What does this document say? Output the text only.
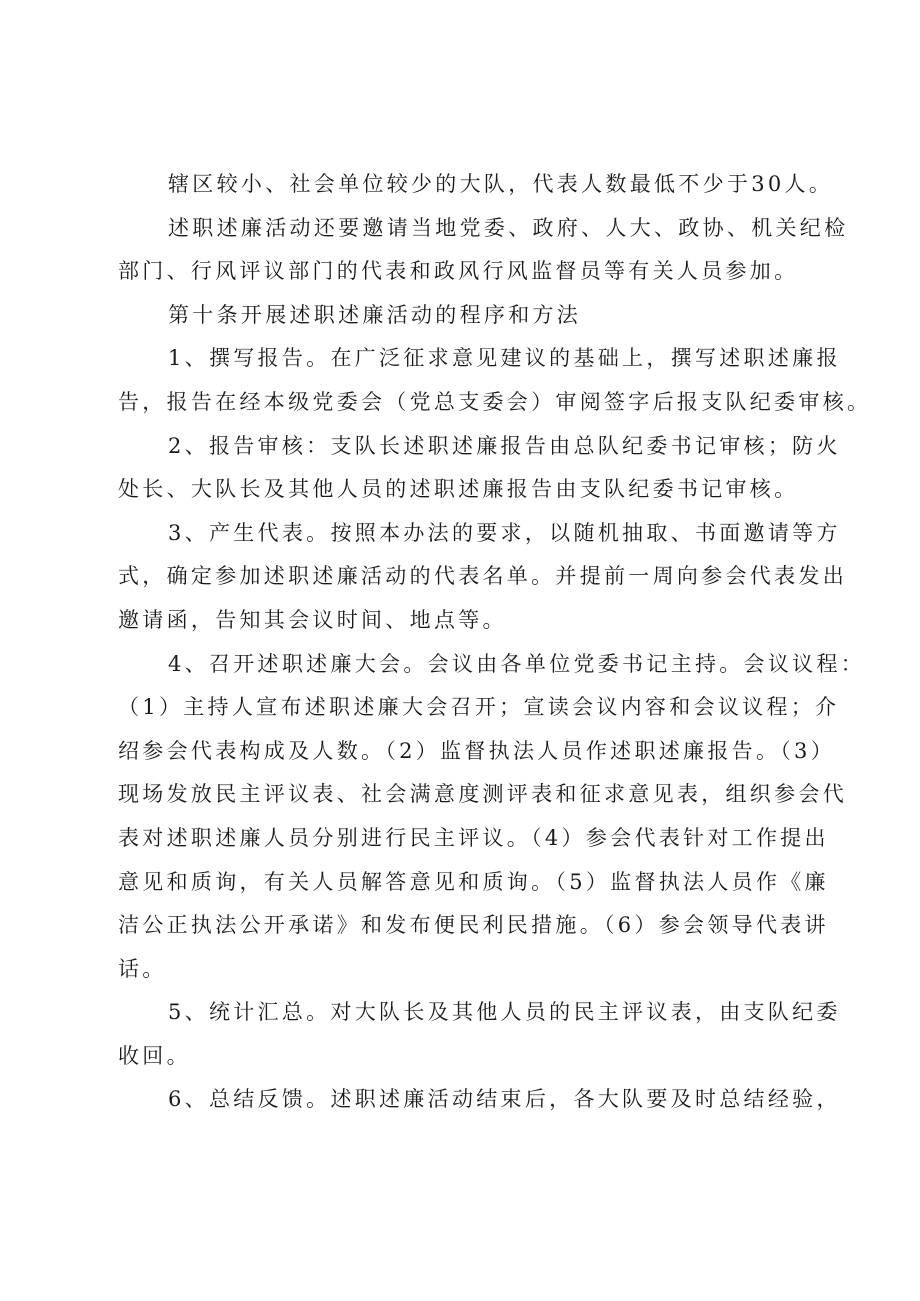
辖区较小、社会单位较少的大队，代表人数最低不少于30人。
述职述廉活动还要邀请当地党委、政府、人大、政协、机关纪检
部门、行风评议部门的代表和政风行风监督员等有关人员参加。
第十条开展述职述廉活动的程序和方法
1、撰写报告。在广泛征求意见建议的基础上，撰写述职述廉报
告，报告在经本级党委会（党总支委会）审阅签字后报支队纪委审核。
2、报告审核：支队长述职述廉报告由总队纪委书记审核；防火
处长、大队长及其他人员的述职述廉报告由支队纪委书记审核。
3、产生代表。按照本办法的要求，以随机抽取、书面邀请等方
式，确定参加述职述廉活动的代表名单。并提前一周向参会代表发出
邀请函，告知其会议时间、地点等。
4、召开述职述廉大会。会议由各单位党委书记主持。会议议程：
（1）主持人宣布述职述廉大会召开；宣读会议内容和会议议程；介
绍参会代表构成及人数。（2）监督执法人员作述职述廉报告。（3）
现场发放民主评议表、社会满意度测评表和征求意见表，组织参会代
表对述职述廉人员分别进行民主评议。（4）参会代表针对工作提出
意见和质询，有关人员解答意见和质询。（5）监督执法人员作《廉
洁公正执法公开承诺》和发布便民利民措施。（6）参会领导代表讲
话。
5、统计汇总。对大队长及其他人员的民主评议表，由支队纪委
收回。
6、总结反馈。述职述廉活动结束后，各大队要及时总结经验，
